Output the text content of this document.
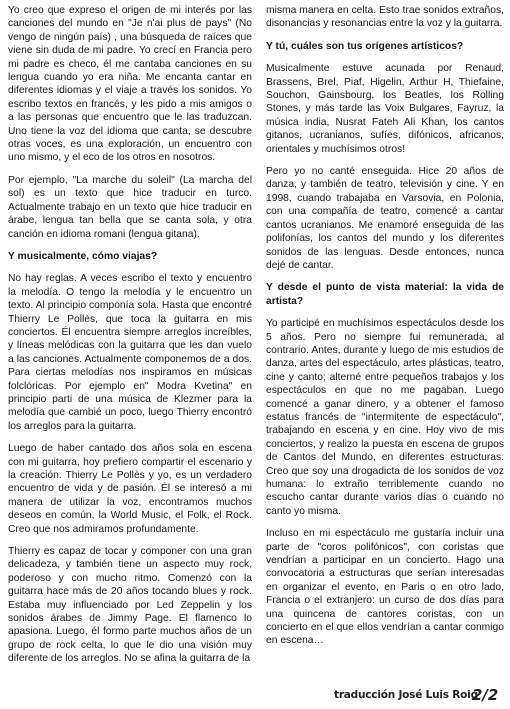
Yo creo que expreso el origen de mi interés por las canciones del mundo en "Je n'ai plus de pays" (No vengo de ningún país) , una búsqueda de raíces que viene sin duda de mi padre. Yo crecí en Francia pero mi padre es checo, él me cantaba canciones en su lengua cuando yo era niña. Me encanta cantar en diferentes idiomas y el viaje a través los sonidos. Yo escribo textos en francés, y les pido a mis amigos o a las personas que encuentro que le las traduzcan. Uno tiene la voz del idioma que canta, se descubre otras voces, es una exploración, un encuentro con uno mismo, y el eco de los otros en nosotros.

Por ejemplo, "La marche du soleil" (La marcha del sol) es un texto que hice traducir en turco. Actualmente trabajo en un texto que hice traducir en árabe, lengua tan bella que se canta sola, y otra canción en idioma romani (lengua gitana).

Y musicalmente, cómo viajas?

No hay reglas. A veces escribo el texto y encuentro la melodía. O tengo la melodía y le encuentro un texto. Al principio componía sola. Hasta que encontré Thierry Le Pollès, que toca la guitarra en mis conciertos. Él encuentra siempre arreglos increíbles, y líneas melódicas con la guitarra que les dan vuelo a las canciones. Actualmente componemos de a dos. Para ciertas melodías nos inspiramos en músicas folclóricas. Por ejemplo en" Modra Kvetina" en principio parti de una música de Klezmer para la melodía que cambié un poco, luego Thierry encontró los arreglos para la guitarra.

Luego de haber cantado dos años sola en escena con mi guitarra, hoy prefiero compartir el escenario y la creación. Thierry Le Pollès y yo, es un verdadero encuentro de vida y de pasión. Él se interesó a mi manera de utilizar la voz, encontramos muchos deseos en común, la World Music, el Folk, el Rock. Creo que nos admiramos profundamente.

Thierry es capaz de tocar y componer con una gran delicadeza, y también tiene un aspecto muy rock, poderoso y con mucho ritmo. Comenzó con la guitarra hace más de 20 años tocando blues y rock. Estaba muy influenciado por Led Zeppelin y los sonidos árabes de Jimmy Page. El flamenco lo apasiona. Luego, él formo parte muchos años de un grupo de rock celta, lo que le dio una visión muy diferente de los arreglos. No se afina la guitarra de la

misma manera en celta. Esto trae sonidos extraños, disonancias y resonancias entre la voz y la guitarra.

Y tú, cuáles son tus orígenes artísticos?

Musicalmente estuve acunada por Renaud, Brassens, Brel, Piaf, Higelin, Arthur H, Thiefaine, Souchon, Gainsbourg, los Beatles, los Rolling Stones, y más tarde las Voix Bulgares, Fayruz, la música india, Nusrat Fateh Ali Khan, los cantos gitanos, ucranianos, sufíes, difónicos, africanos, orientales y muchísimos otros!

Pero yo no canté enseguida. Hice 20 años de danza, y también de teatro, televisión y cine. Y en 1998, cuando trabajaba en Varsovia, en Polonia, con una compañía de teatro, comencé a cantar cantos ucranianos. Me enamoré enseguida de las polifonías, los cantos del mundo y los diferentes sonidos de las lenguas. Desde entonces, nunca dejé de cantar.

Y desde el punto de vista material: la vida de artista?

Yo participé en muchísimos espectáculos desde los 5 años. Pero no siempre fui remunerada, al contrario. Antes, durante y luego de mis estudios de danza, artes del espectáculo, artes plásticas, teatro, cine y canto; alterné entre pequeños trabajos y los espectáculos en que no me pagaban. Luego comencé a ganar dinero, y a obtener el famoso estatus francés de "intermitente de espectáculo", trabajando en escena y en cine. Hoy vivo de mis conciertos, y realizo la puesta en escena de grupos de Cantos del Mundo, en diferentes estructuras. Creo que soy una drogadicta de los sonidos de voz humana: lo extraño terriblemente cuando no escucho cantar durante varios días o cuando no canto yo misma.

Incluso en mi espectáculo me gustaría incluir una parte de "coros polifónicos", con coristas que vendrían a participar en un concierto. Hago una convocatoria a estructuras que serían interesadas en organizar el evento, en Paris o en otro lado, Francia o el extranjero: un curso de dos días para una quincena de cantores coristas, con un concierto en el que ellos vendrían a cantar conmigo en escena…

traducción José Luis Roig
2/2
